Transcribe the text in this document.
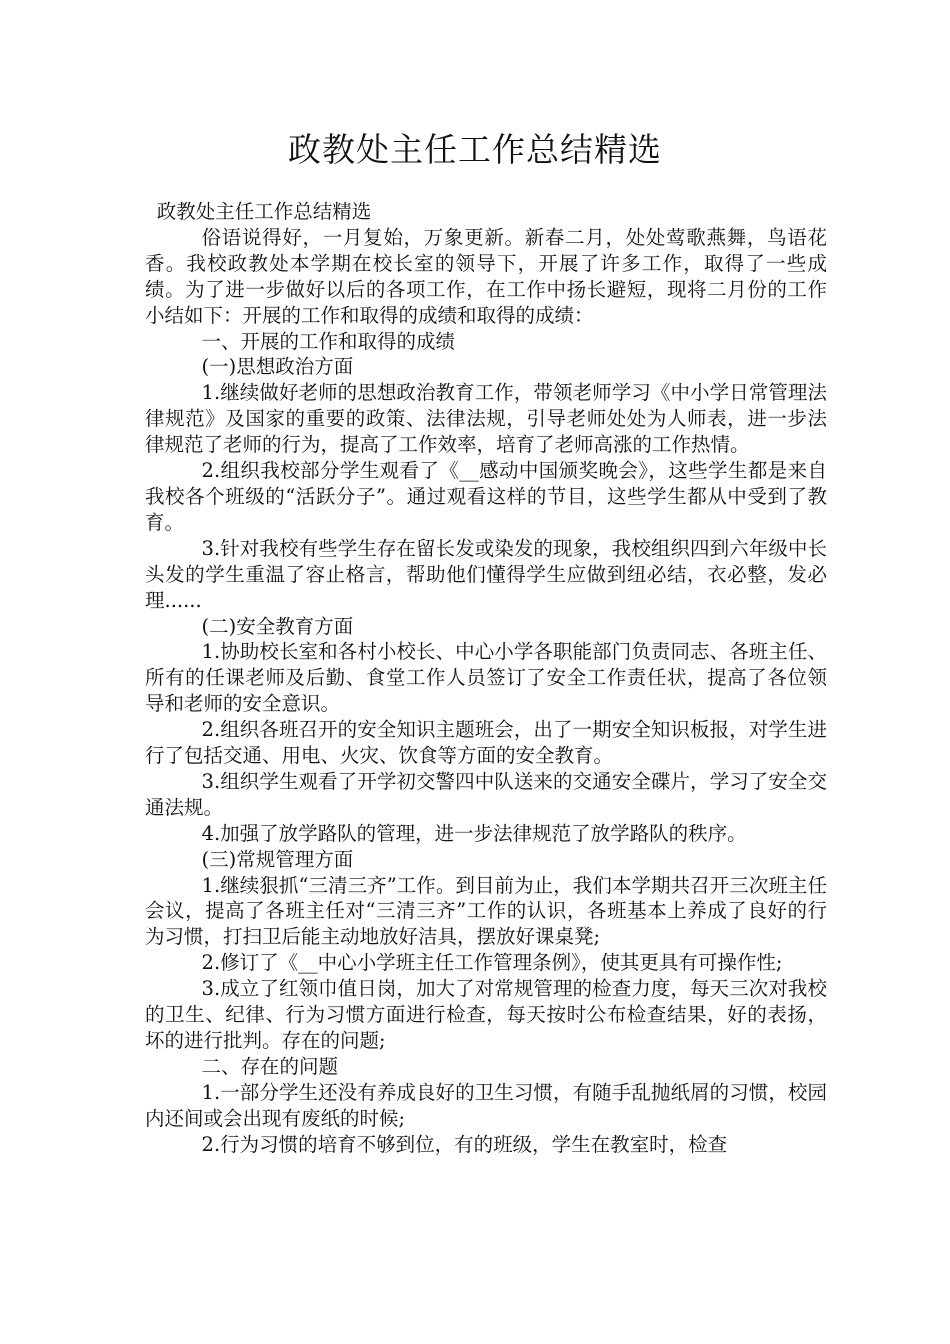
政教处主任工作总结精选

政教处主任工作总结精选

俗语说得好，一月复始，万象更新。新春二月，处处莺歌燕舞，鸟语花香。我校政教处本学期在校长室的领导下，开展了许多工作，取得了一些成绩。为了进一步做好以后的各项工作，在工作中扬长避短，现将二月份的工作小结如下：开展的工作和取得的成绩和取得的成绩：

一、开展的工作和取得的成绩

(一)思想政治方面

1.继续做好老师的思想政治教育工作，带领老师学习《中小学日常管理法律规范》及国家的重要的政策、法律法规，引导老师处处为人师表，进一步法律规范了老师的行为，提高了工作效率，培育了老师高涨的工作热情。

2.组织我校部分学生观看了《__感动中国颁奖晚会》，这些学生都是来自我校各个班级的“活跃分子”。通过观看这样的节目，这些学生都从中受到了教育。

3.针对我校有些学生存在留长发或染发的现象，我校组织四到六年级中长头发的学生重温了容止格言，帮助他们懂得学生应做到纽必结，衣必整，发必理......

(二)安全教育方面

1.协助校长室和各村小校长、中心小学各职能部门负责同志、各班主任、所有的任课老师及后勤、食堂工作人员签订了安全工作责任状，提高了各位领导和老师的安全意识。

2.组织各班召开的安全知识主题班会，出了一期安全知识板报，对学生进行了包括交通、用电、火灾、饮食等方面的安全教育。

3.组织学生观看了开学初交警四中队送来的交通安全碟片，学习了安全交通法规。

4.加强了放学路队的管理，进一步法律规范了放学路队的秩序。

(三)常规管理方面

1.继续狠抓“三清三齐”工作。到目前为止，我们本学期共召开三次班主任会议，提高了各班主任对“三清三齐”工作的认识，各班基本上养成了良好的行为习惯，打扫卫后能主动地放好洁具，摆放好课桌凳;

2.修订了《__中心小学班主任工作管理条例》，使其更具有可操作性;

3.成立了红领巾值日岗，加大了对常规管理的检查力度，每天三次对我校的卫生、纪律、行为习惯方面进行检查，每天按时公布检查结果，好的表扬，坏的进行批判。存在的问题;

二、存在的问题

1.一部分学生还没有养成良好的卫生习惯，有随手乱抛纸屑的习惯，校园内还间或会出现有废纸的时候;

2.行为习惯的培育不够到位，有的班级，学生在教室时，检查
